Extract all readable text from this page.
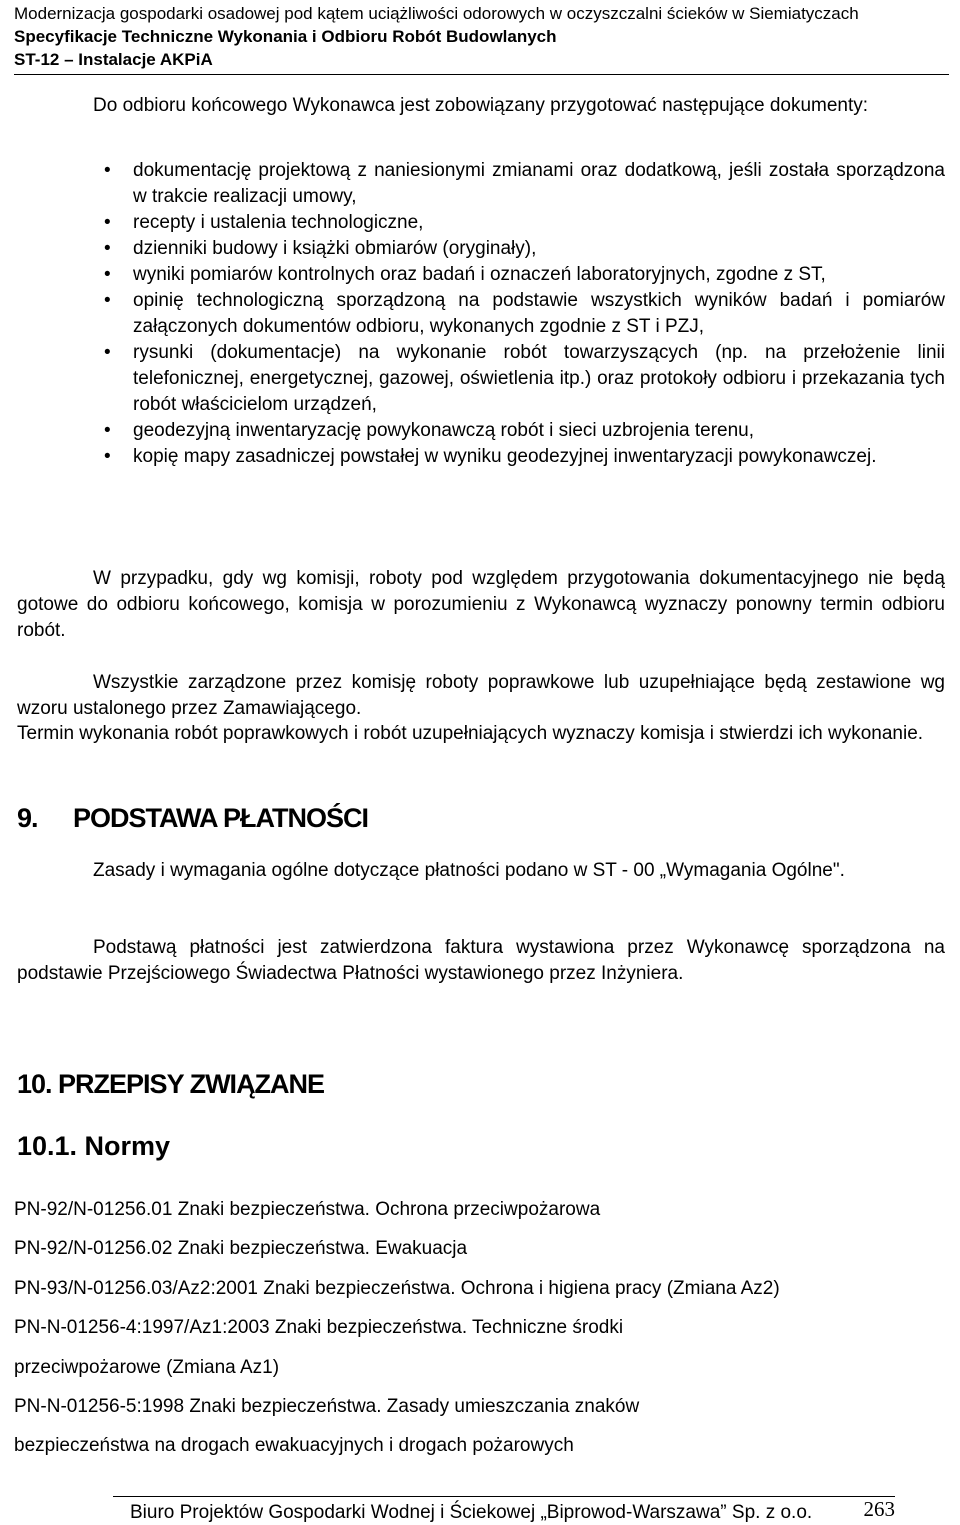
Modernizacja gospodarki osadowej pod kątem uciążliwości odorowych w oczyszczalni ścieków w Siemiatyczach
Specyfikacje Techniczne Wykonania i Odbioru Robót Budowlanych
ST-12 – Instalacje AKPiA
Do odbioru końcowego Wykonawca jest zobowiązany przygotować następujące dokumenty:
• dokumentację projektową z naniesionymi zmianami oraz dodatkową, jeśli została sporządzona w trakcie realizacji umowy,
• recepty i ustalenia technologiczne,
• dzienniki budowy i książki obmiarów (oryginały),
• wyniki pomiarów kontrolnych oraz badań i oznaczeń laboratoryjnych, zgodne z ST,
• opinię technologiczną sporządzoną na podstawie wszystkich wyników badań i pomiarów załączonych dokumentów odbioru, wykonanych zgodnie z ST i PZJ,
• rysunki (dokumentacje) na wykonanie robót towarzyszących (np. na przełożenie linii telefonicznej, energetycznej, gazowej, oświetlenia itp.) oraz protokoły odbioru i przekazania tych robót właścicielom urządzeń,
• geodezyjną inwentaryzację powykonawczą robót i sieci uzbrojenia terenu,
• kopię mapy zasadniczej powstałej w wyniku geodezyjnej inwentaryzacji powykonawczej.
W przypadku, gdy wg komisji, roboty pod względem przygotowania dokumentacyjnego nie będą gotowe do odbioru końcowego, komisja w porozumieniu z Wykonawcą wyznaczy ponowny termin odbioru robót.
Wszystkie zarządzone przez komisję roboty poprawkowe lub uzupełniające będą zestawione wg wzoru ustalonego przez Zamawiającego.
Termin wykonania robót poprawkowych i robót uzupełniających wyznaczy komisja i stwierdzi ich wykonanie.
9. PODSTAWA PŁATNOŚCI
Zasady i wymagania ogólne dotyczące płatności podano w ST - 00 „Wymagania Ogólne".
Podstawą płatności jest zatwierdzona faktura wystawiona przez Wykonawcę sporządzona na podstawie Przejściowego Świadectwa Płatności wystawionego przez Inżyniera.
10. PRZEPISY ZWIĄZANE
10.1. Normy
PN-92/N-01256.01 Znaki bezpieczeństwa. Ochrona przeciwpożarowa
PN-92/N-01256.02 Znaki bezpieczeństwa. Ewakuacja
PN-93/N-01256.03/Az2:2001 Znaki bezpieczeństwa. Ochrona i higiena pracy (Zmiana Az2)
PN-N-01256-4:1997/Az1:2003 Znaki bezpieczeństwa. Techniczne środki
przeciwpożarowe (Zmiana Az1)
PN-N-01256-5:1998 Znaki bezpieczeństwa. Zasady umieszczania znaków
bezpieczeństwa na drogach ewakuacyjnych i drogach pożarowych
Biuro Projektów Gospodarki Wodnej i Ściekowej „Biprowod-Warszawa” Sp. z o.o. 263
